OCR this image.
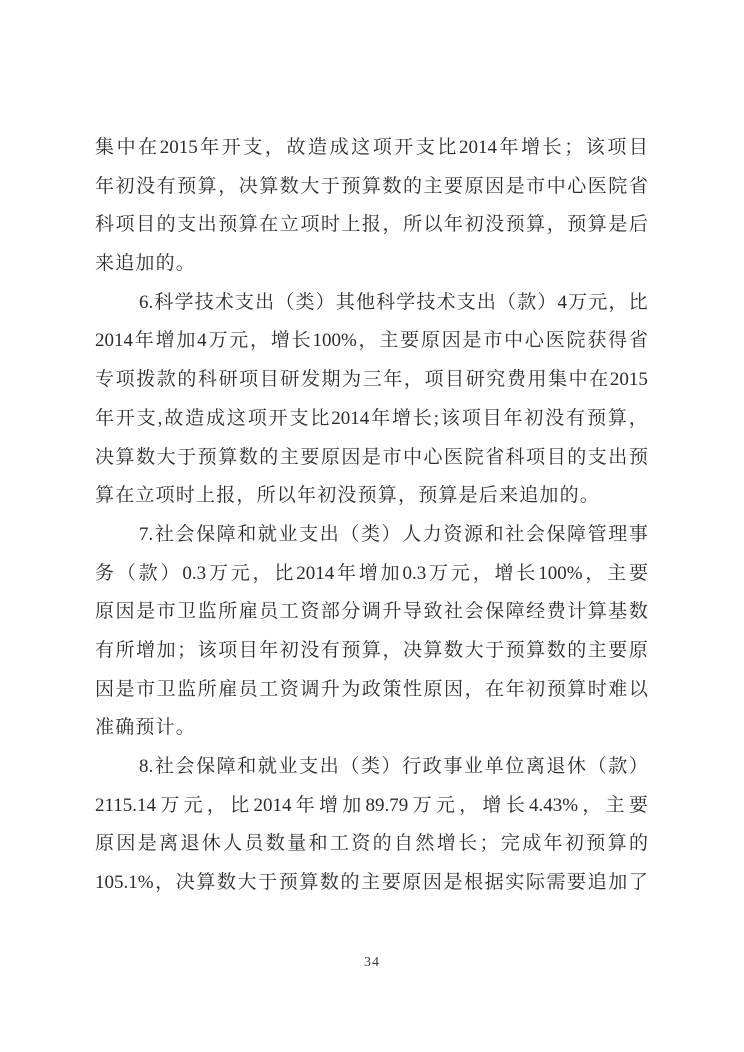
集 中 在 2015 年 开 支 ， 故 造 成 这 项 开 支 比 2014 年 增 长 ； 该 项 目
年 初 没 有 预 算 ， 决 算 数 大 于 预 算 数 的 主 要 原 因 是 市 中 心 医 院 省
科 项 目 的 支 出 预 算 在 立 项 时 上 报 ， 所 以 年 初 没 预 算 ， 预 算 是 后
来追加的。
6. 科 学 技 术 支 出 （ 类 ） 其 他 科 学 技 术 支 出 （ 款 ） 4 万 元 ， 比
2014 年 增 加 4 万 元 ， 增 长 100% ， 主 要 原 因 是 市 中 心 医 院 获 得 省
专 项 拨 款 的 科 研 项 目 研 发 期 为 三 年 ， 项 目 研 究 费 用 集 中 在 2015
年 开 支 , 故 造 成 这 项 开 支 比 2014 年 增 长 ; 该 项 目 年 初 没 有 预 算 ，
决 算 数 大 于 预 算 数 的 主 要 原 因 是 市 中 心 医 院 省 科 项 目 的 支 出 预
算在立项时上报，所以年初没预算，预算是后来追加的。
7. 社 会 保 障 和 就 业 支 出 （ 类 ） 人 力 资 源 和 社 会 保 障 管 理 事
务 （ 款 ） 0.3 万 元 ， 比 2014 年 增 加 0.3 万 元 ， 增 长 100% ， 主 要
原 因 是 市 卫 监 所 雇 员 工 资 部 分 调 升 导 致 社 会 保 障 经 费 计 算 基 数
有 所 增 加 ； 该 项 目 年 初 没 有 预 算 ， 决 算 数 大 于 预 算 数 的 主 要 原
因 是 市 卫 监 所 雇 员 工 资 调 升 为 政 策 性 原 因 ， 在 年 初 预 算 时 难 以
准确预计。
8. 社 会 保 障 和 就 业 支 出 （ 类 ） 行 政 事 业 单 位 离 退 休 （ 款 ）
2115.14 万 元 ， 比 2014 年 增 加 89.79 万 元 ， 增 长 4.43% ， 主 要
原 因 是 离 退 休 人 员 数 量 和 工 资 的 自 然 增 长 ； 完 成 年 初 预 算 的
105.1% ， 决 算 数 大 于 预 算 数 的 主 要 原 因 是 根 据 实 际 需 要 追 加 了
34
